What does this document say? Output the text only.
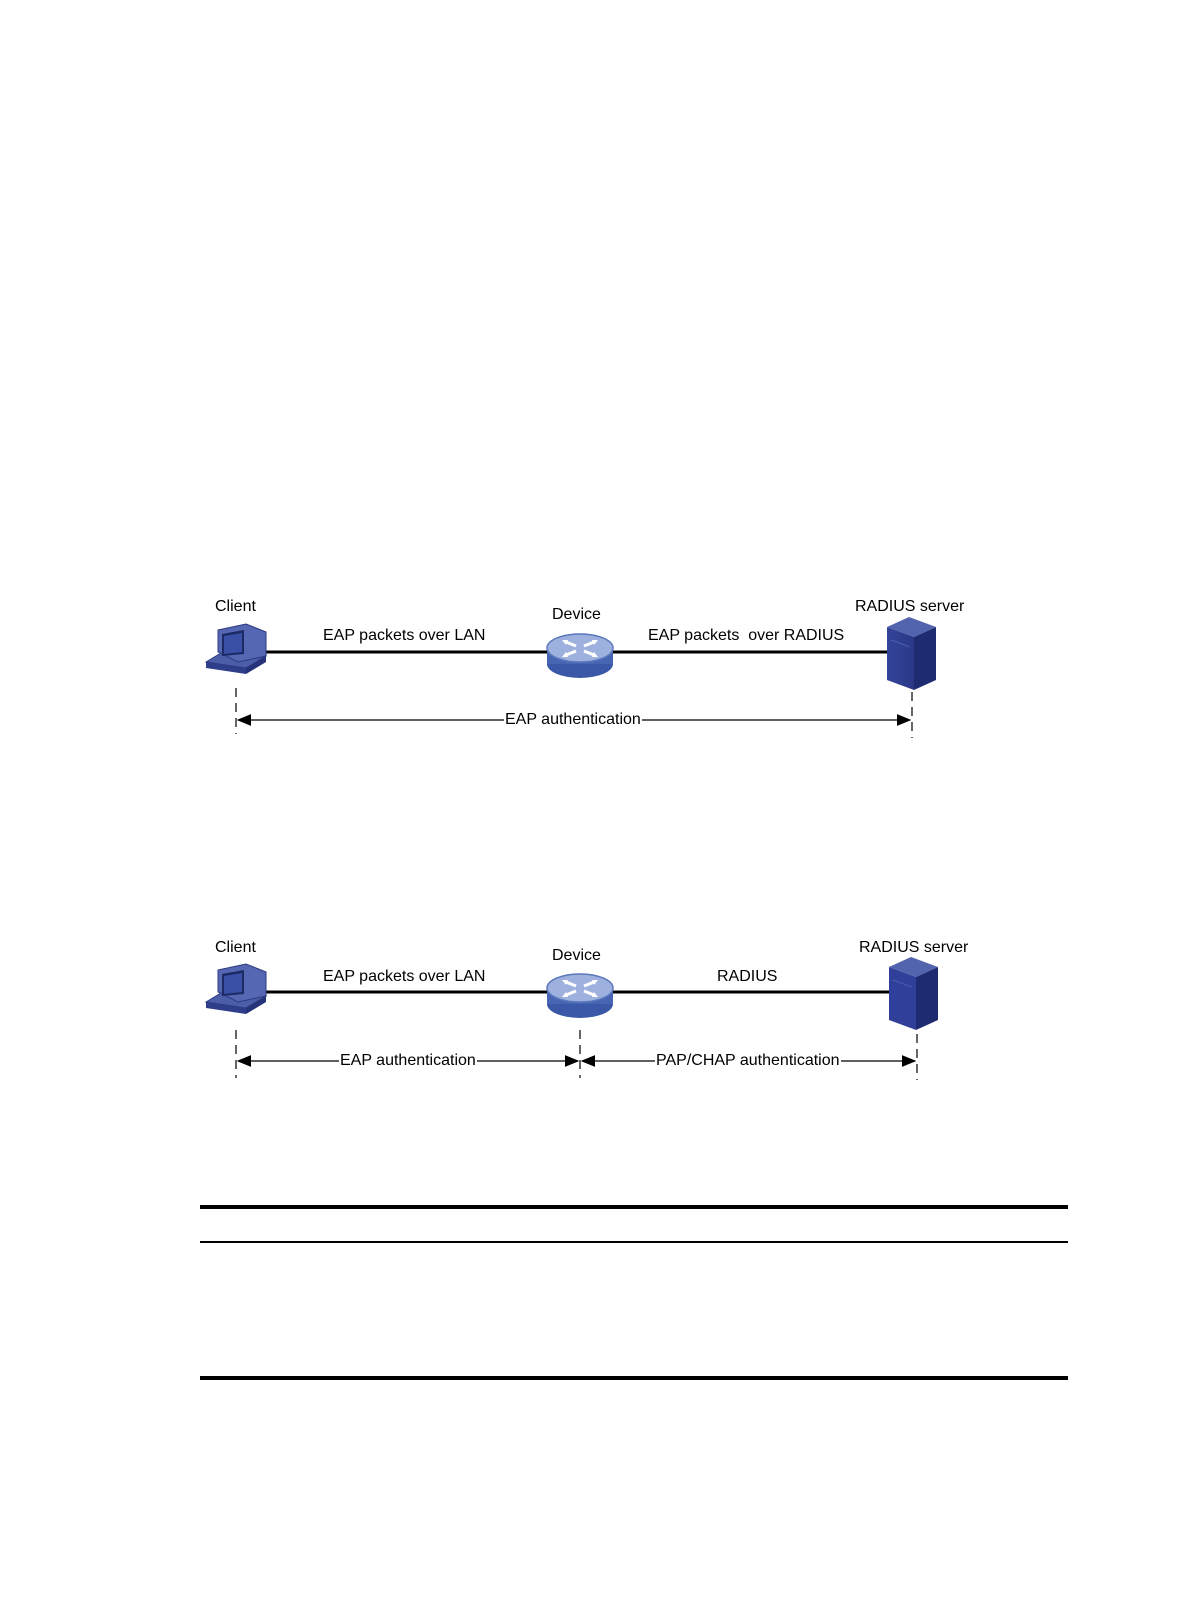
Client	Device	RADIUS server
EAP packets over LAN	EAP packets  over RADIUS
EAP authentication
Client	Device	RADIUS server
EAP packets over LAN	RADIUS
EAP authentication	PAP/CHAP authentication
